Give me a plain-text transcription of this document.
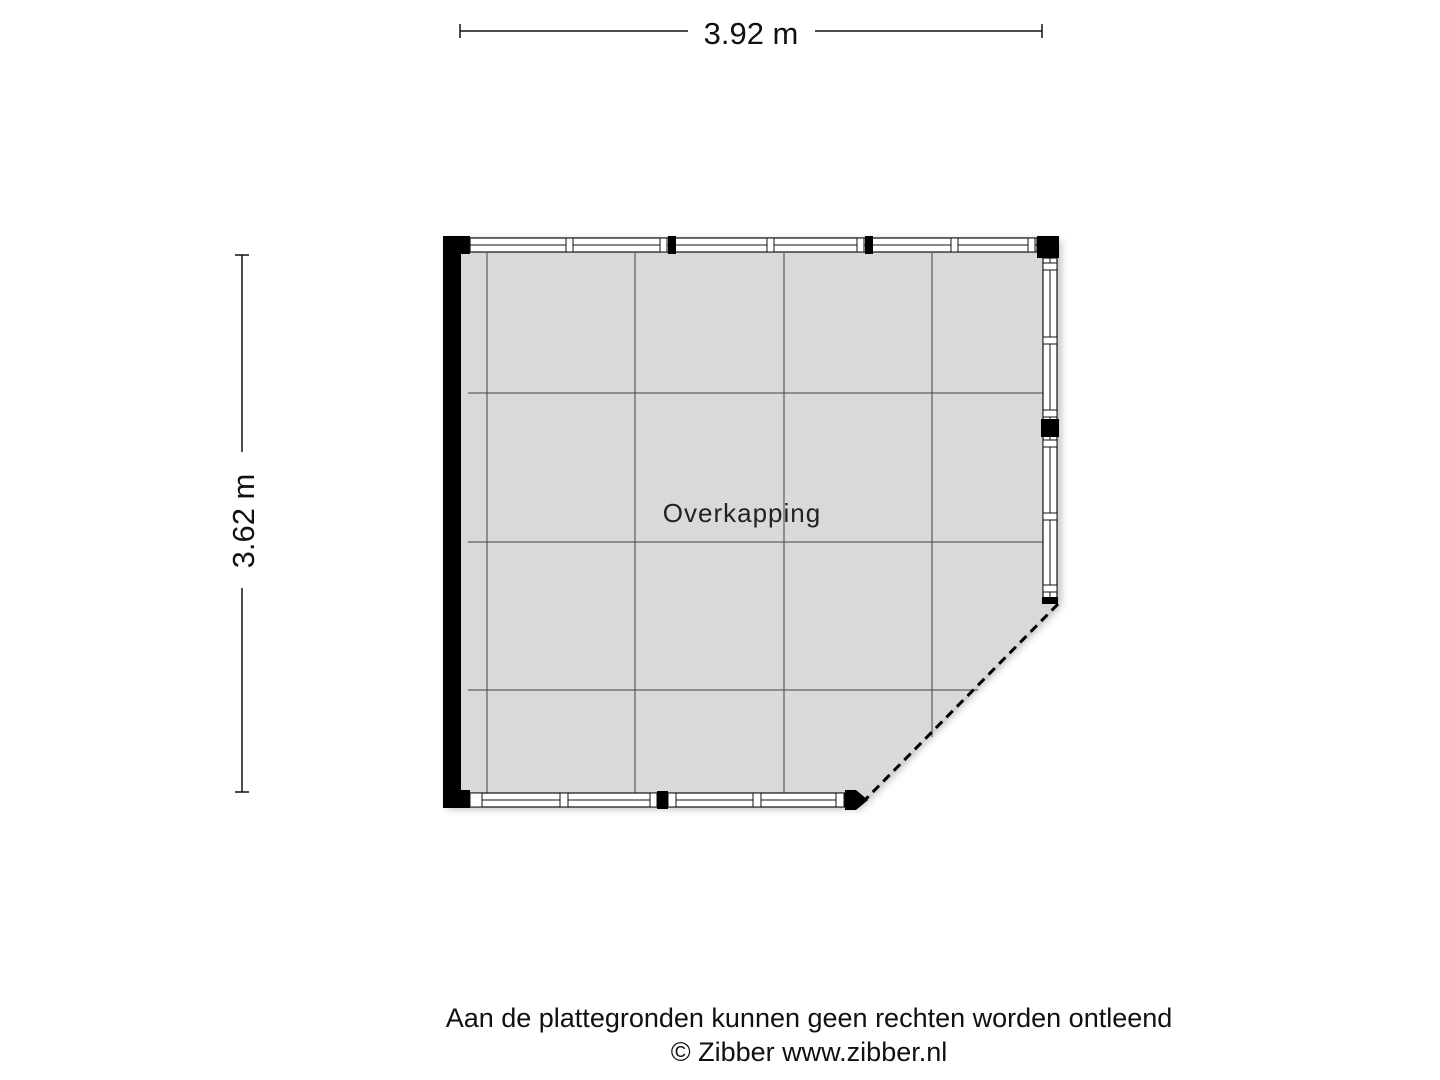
3.92 m
3.62 m	Overkapping
Aan de plattegronden kunnen geen rechten worden ontleend
© Zibber www.zibber.nl
